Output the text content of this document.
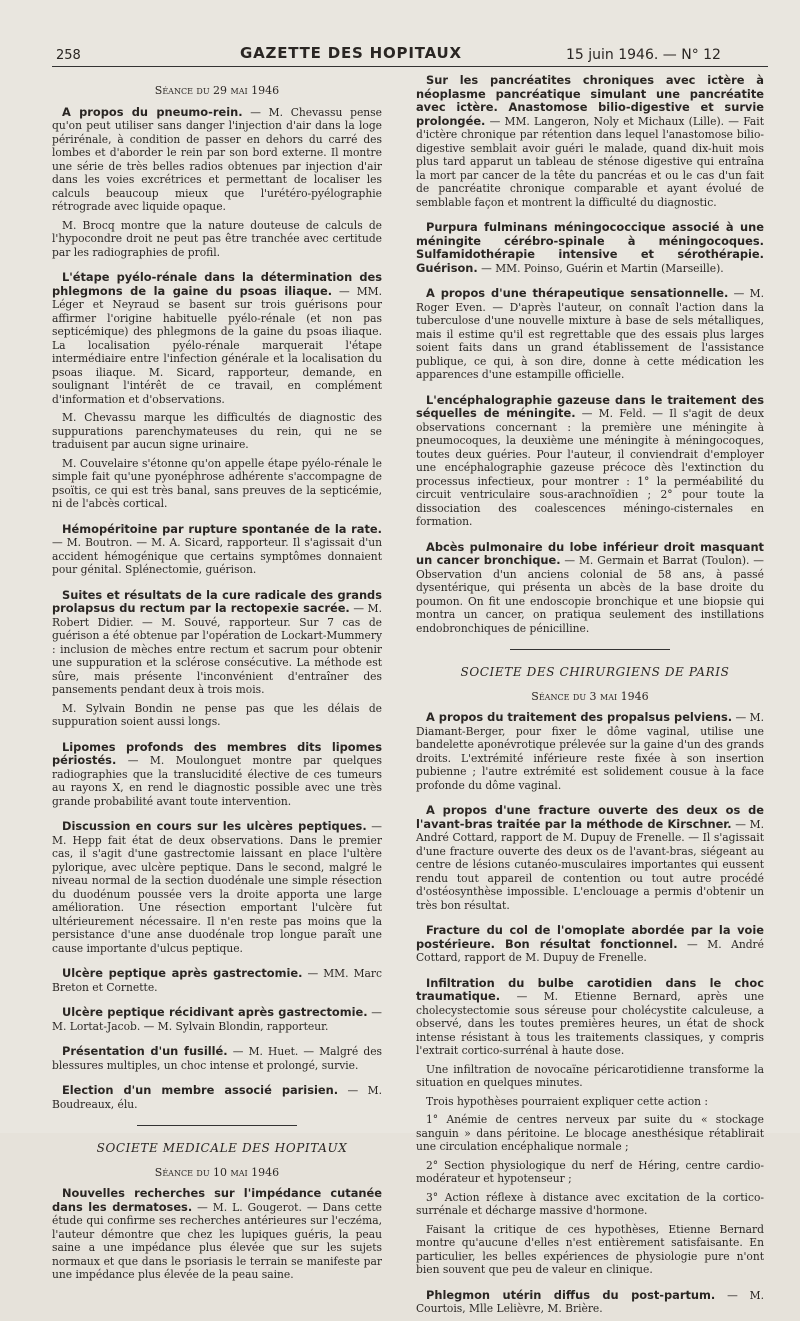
258	GAZETTE DES HOPITAUX	15 juin 1946. — N° 12

Séance du 29 mai 1946

A propos du pneumo-rein. — M. Chevassu pense qu'on peut utiliser sans danger l'injection d'air dans la loge périrénale, à condition de passer en dehors du carré des lombes et d'aborder le rein par son bord externe. Il montre une série de très belles radios obtenues par injection d'air dans les voies excrétrices et permettant de localiser les calculs beaucoup mieux que l'urétéro-pyélographie rétrograde avec liquide opaque.

M. Brocq montre que la nature douteuse de calculs de l'hypocondre droit ne peut pas être tranchée avec certitude par les radiographies de profil.

L'étape pyélo-rénale dans la détermination des phlegmons de la gaine du psoas iliaque. — MM. Léger et Neyraud se basent sur trois guérisons pour affirmer l'origine habituelle pyélo-rénale (et non pas septicémique) des phlegmons de la gaine du psoas iliaque. La localisation pyélo-rénale marquerait l'étape intermédiaire entre l'infection générale et la localisation du psoas iliaque. M. Sicard, rapporteur, demande, en soulignant l'intérêt de ce travail, en complément d'information et d'observations.

M. Chevassu marque les difficultés de diagnostic des suppurations parenchymateuses du rein, qui ne se traduisent par aucun signe urinaire.

M. Couvelaire s'étonne qu'on appelle étape pyélo-rénale le simple fait qu'une pyonéphrose adhérente s'accompagne de psoïtis, ce qui est très banal, sans preuves de la septicémie, ni de l'abcès cortical.

Hémopéritoine par rupture spontanée de la rate. — M. Boutron. — M. A. Sicard, rapporteur. Il s'agissait d'un accident hémogénique que certains symptômes donnaient pour génital. Splénectomie, guérison.

Suites et résultats de la cure radicale des grands prolapsus du rectum par la rectopexie sacrée. — M. Robert Didier. — M. Souvé, rapporteur. Sur 7 cas de guérison a été obtenue par l'opération de Lockart-Mummery : inclusion de mèches entre rectum et sacrum pour obtenir une suppuration et la sclérose consécutive. La méthode est sûre, mais présente l'inconvénient d'entraîner des pansements pendant deux à trois mois.

M. Sylvain Bondin ne pense pas que les délais de suppuration soient aussi longs.

Lipomes profonds des membres dits lipomes périostés. — M. Moulonguet montre par quelques radiographies que la translucidité élective de ces tumeurs au rayons X, en rend le diagnostic possible avec une très grande probabilité avant toute intervention.

Discussion en cours sur les ulcères peptiques. — M. Hepp fait état de deux observations. Dans le premier cas, il s'agit d'une gastrectomie laissant en place l'ultère pylorique, avec ulcère peptique. Dans le second, malgré le niveau normal de la section duodénale une simple résection du duodénum poussée vers la droite apporta une large amélioration. Une résection emportant l'ulcère fut ultérieurement nécessaire. Il n'en reste pas moins que la persistance d'une anse duodénale trop longue paraît une cause importante d'ulcus peptique.

Ulcère peptique après gastrectomie. — MM. Marc Breton et Cornette.

Ulcère peptique récidivant après gastrectomie. — M. Lortat-Jacob. — M. Sylvain Blondin, rapporteur.

Présentation d'un fusillé. — M. Huet. — Malgré des blessures multiples, un choc intense et prolongé, survie.

Election d'un membre associé parisien. — M. Boudreaux, élu.

SOCIETE MEDICALE DES HOPITAUX

Séance du 10 mai 1946

Nouvelles recherches sur l'impédance cutanée dans les dermatoses. — M. L. Gougerot. — Dans cette étude qui confirme ses recherches antérieures sur l'eczéma, l'auteur démontre que chez les lupiques guéris, la peau saine a une impédance plus élevée que sur les sujets normaux et que dans le psoriasis le terrain se manifeste par une impédance plus élevée de la peau saine.

Sur les pancréatites chroniques avec ictère à néoplasme pancréatique simulant une pancréatite avec ictère. Anastomose bilio-digestive et survie prolongée. — MM. Langeron, Noly et Michaux (Lille). — Fait d'ictère chronique par rétention dans lequel l'anastomose bilio-digestive semblait avoir guéri le malade, quand dix-huit mois plus tard apparut un tableau de sténose digestive qui entraîna la mort par cancer de la tête du pancréas et ou le cas d'un fait de pancréatite chronique comparable et ayant évolué de semblable façon et montrent la difficulté du diagnostic.

Purpura fulminans méningococcique associé à une méningite cérébro-spinale à méningocoques. Sulfamidothérapie intensive et sérothérapie. Guérison. — MM. Poinso, Guérin et Martin (Marseille).

A propos d'une thérapeutique sensationnelle. — M. Roger Even. — D'après l'auteur, on connaît l'action dans la tuberculose d'une nouvelle mixture à base de sels métalliques, mais il estime qu'il est regrettable que des essais plus larges soient faits dans un grand établissement de l'assistance publique, ce qui, à son dire, donne à cette médication les apparences d'une estampille officielle.

L'encéphalographie gazeuse dans le traitement des séquelles de méningite. — M. Feld. — Il s'agit de deux observations concernant : la première une méningite à pneumocoques, la deuxième une méningite à méningocoques, toutes deux guéries. Pour l'auteur, il conviendrait d'employer une encéphalographie gazeuse précoce dès l'extinction du processus infectieux, pour montrer : 1° la perméabilité du circuit ventriculaire sous-arachnoïdien ; 2° pour toute la dissociation des coalescences méningo-cisternales en formation.

Abcès pulmonaire du lobe inférieur droit masquant un cancer bronchique. — M. Germain et Barrat (Toulon). — Observation d'un anciens colonial de 58 ans, à passé dysentérique, qui présenta un abcès de la base droite du poumon. On fit une endoscopie bronchique et une biopsie qui montra un cancer, on pratiqua seulement des instillations endobronchiques de pénicilline.

SOCIETE DES CHIRURGIENS DE PARIS

Séance du 3 mai 1946

A propos du traitement des propalsus pelviens. — M. Diamant-Berger, pour fixer le dôme vaginal, utilise une bandelette aponévrotique prélevée sur la gaine d'un des grands droits. L'extrémité inférieure reste fixée à son insertion pubienne ; l'autre extrémité est solidement cousue à la face profonde du dôme vaginal.

A propos d'une fracture ouverte des deux os de l'avant-bras traitée par la méthode de Kirschner. — M. André Cottard, rapport de M. Dupuy de Frenelle. — Il s'agissait d'une fracture ouverte des deux os de l'avant-bras, siégeant au centre de lésions cutanéo-musculaires importantes qui eussent rendu tout appareil de contention ou tout autre procédé d'ostéosynthèse impossible. L'enclouage a permis d'obtenir un très bon résultat.

Fracture du col de l'omoplate abordée par la voie postérieure. Bon résultat fonctionnel. — M. André Cottard, rapport de M. Dupuy de Frenelle.

Infiltration du bulbe carotidien dans le choc traumatique. — M. Etienne Bernard, après une cholecystectomie sous séreuse pour cholécystite calculeuse, a observé, dans les toutes premières heures, un état de shock intense résistant à tous les traitements classiques, y compris l'extrait cortico-surrénal à haute dose.

Une infiltration de novocaïne péricarotidienne transforme la situation en quelques minutes.

Trois hypothèses pourraient expliquer cette action :

1° Anémie de centres nerveux par suite du « stockage sanguin » dans péritoine. Le blocage anesthésique rétablirait une circulation encéphalique normale ;

2° Section physiologique du nerf de Héring, centre cardio-modérateur et hypotenseur ;

3° Action réflexe à distance avec excitation de la cortico-surrénale et décharge massive d'hormone.

Faisant la critique de ces hypothèses, Etienne Bernard montre qu'aucune d'elles n'est entièrement satisfaisante. En particulier, les belles expériences de physiologie pure n'ont bien souvent que peu de valeur en clinique.

Phlegmon utérin diffus du post-partum. — M. Courtois, Mlle Lelièvre, M. Brière.
